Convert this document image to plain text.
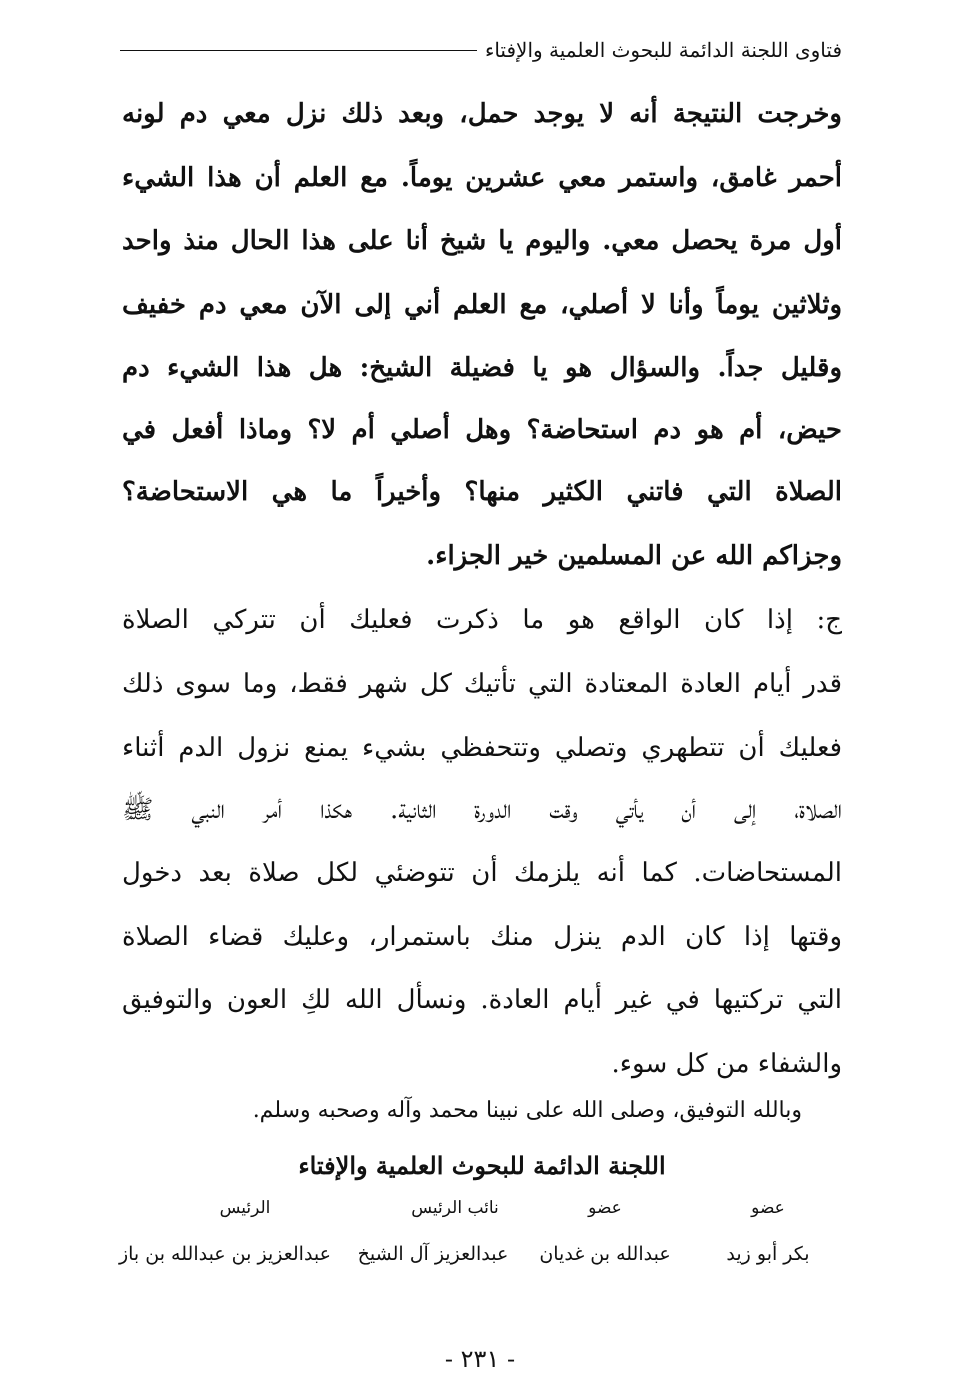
فتاوى اللجنة الدائمة للبحوث العلمية والإفتاء
وخرجت النتيجة أنه لا يوجد حمل، وبعد ذلك نزل معي دم لونه
أحمر غامق، واستمر معي عشرين يوماً. مع العلم أن هذا الشيء
أول مرة يحصل معي. واليوم يا شيخ أنا على هذا الحال منذ واحد
وثلاثين يوماً وأنا لا أصلي، مع العلم أني إلى الآن معي دم خفيف
وقليل جداً. والسؤال هو يا فضيلة الشيخ: هل هذا الشيء دم
حيض، أم هو دم استحاضة؟ وهل أصلي أم لا؟ وماذا أفعل في
الصلاة التي فاتني الكثير منها؟ وأخيراً ما هي الاستحاضة؟
وجزاكم الله عن المسلمين خير الجزاء.
ج: إذا كان الواقع هو ما ذكرت فعليك أن تتركي الصلاة
قدر أيام العادة المعتادة التي تأتيك كل شهر فقط، وما سوى ذلك
فعليك أن تتطهري وتصلي وتتحفظي بشيء يمنع نزول الدم أثناء
الصلاة، إلى أن يأتي وقت الدورة الثانية. هكذا أمر النبي ﷺ
المستحاضات. كما أنه يلزمك أن تتوضئي لكل صلاة بعد دخول
وقتها إذا كان الدم ينزل منك باستمرار، وعليك قضاء الصلاة
التي تركتيها في غير أيام العادة. ونسأل الله لكِ العون والتوفيق
والشفاء من كل سوء.
وبالله التوفيق، وصلى الله على نبينا محمد وآله وصحبه وسلم.
اللجنة الدائمة للبحوث العلمية والإفتاء
عضو
عضو
نائب الرئيس
الرئيس
بكر أبو زيد
عبدالله بن غديان
عبدالعزيز آل الشيخ
عبدالعزيز بن عبدالله بن باز
- ٢٣١ -
